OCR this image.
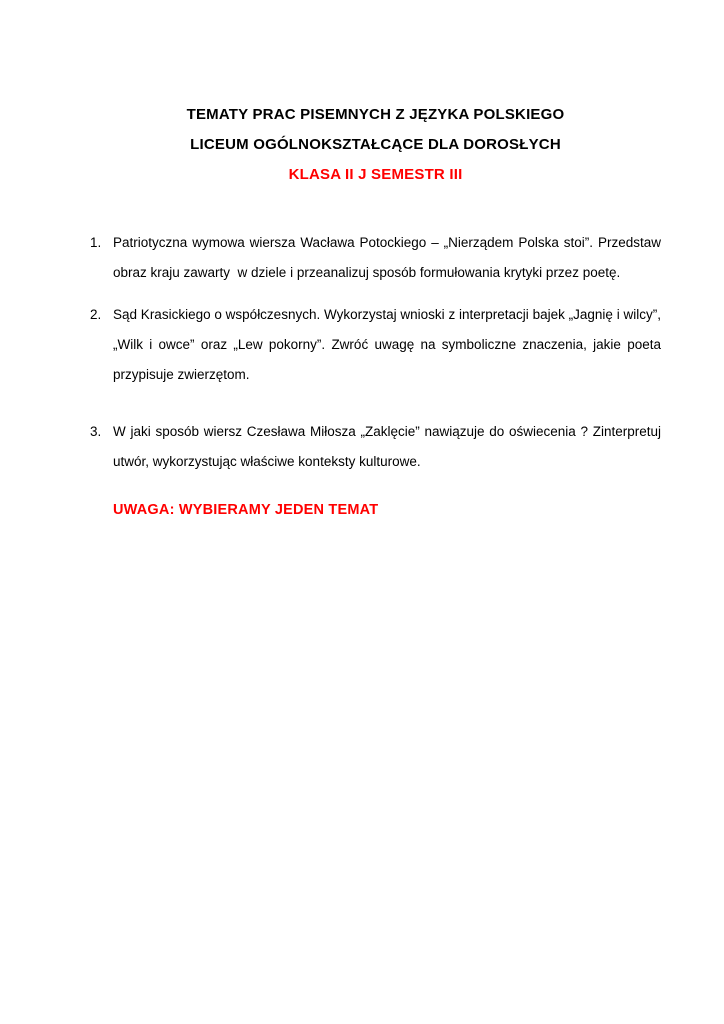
TEMATY PRAC PISEMNYCH Z JĘZYKA POLSKIEGO

LICEUM OGÓLNOKSZTAŁCĄCE DLA DOROSŁYCH

KLASA II J SEMESTR III

1. Patriotyczna wymowa wiersza Wacława Potockiego – „Nierządem Polska stoi”. Przedstaw obraz kraju zawarty  w dziele i przeanalizuj sposób formułowania krytyki przez poetę.

2. Sąd Krasickiego o współczesnych. Wykorzystaj wnioski z interpretacji bajek „Jagnię i wilcy”, „Wilk i owce” oraz „Lew pokorny”. Zwróć uwagę na symboliczne znaczenia, jakie poeta przypisuje zwierzętom.

3. W jaki sposób wiersz Czesława Miłosza „Zaklęcie” nawiązuje do oświecenia ? Zinterpretuj utwór, wykorzystując właściwe konteksty kulturowe.

UWAGA: WYBIERAMY JEDEN TEMAT
